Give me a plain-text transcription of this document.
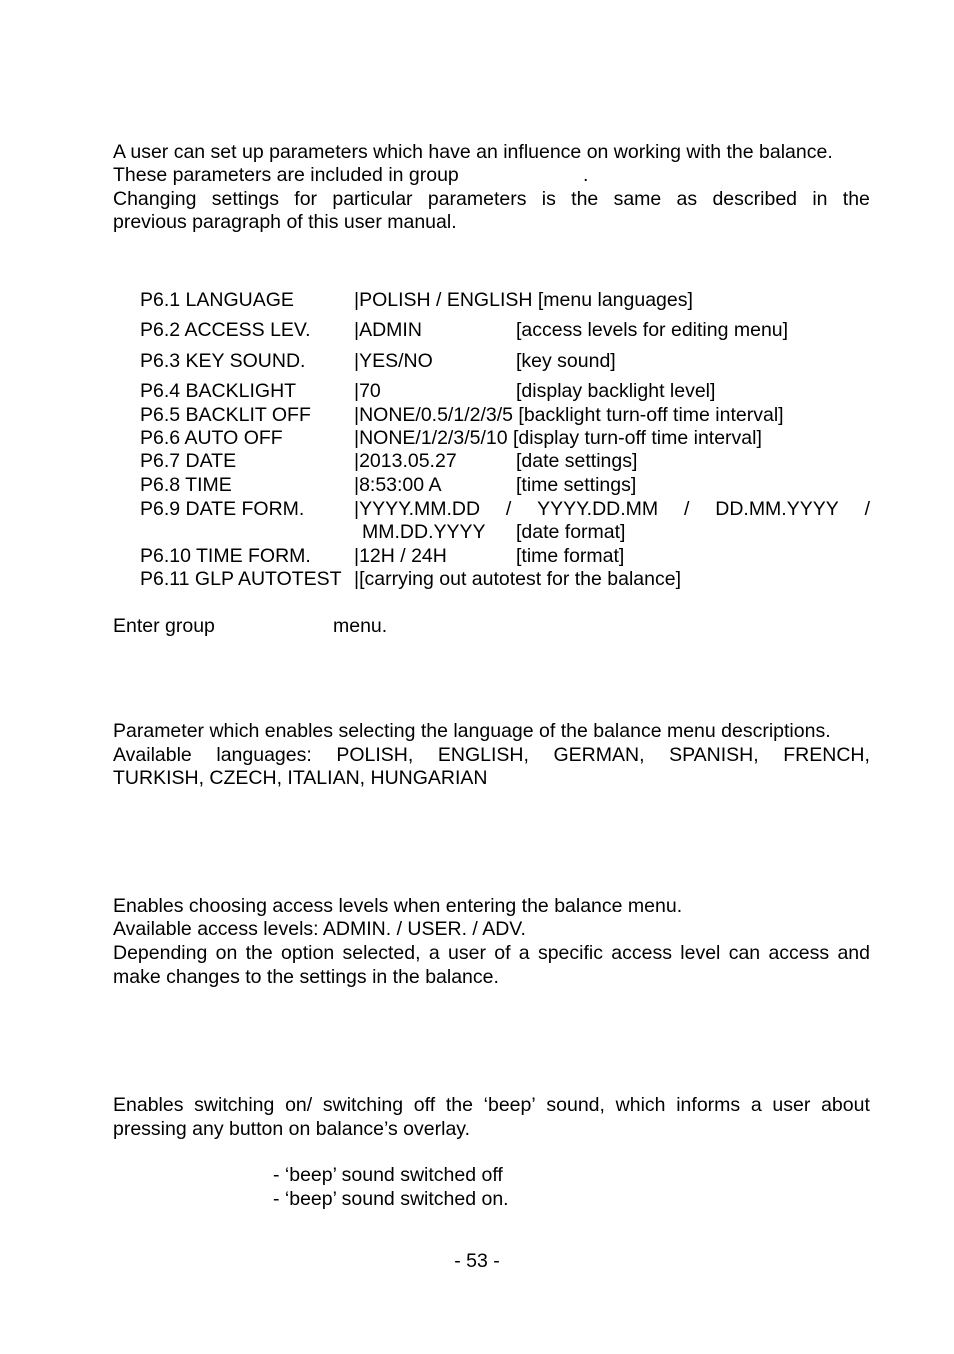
A user can set up parameters which have an influence on working with the balance.
These parameters are included in group	.
Changing settings for particular parameters is the same as described in the
previous paragraph of this user manual.
P6.1 LANGUAGE	|POLISH / ENGLISH [menu languages]
P6.2 ACCESS LEV. |ADMIN	[access levels for editing menu]
P6.3 KEY SOUND. |YES/NO	[key sound]
P6.4 BACKLIGHT	|70	[display backlight level]
P6.5 BACKLIT OFF |NONE/0.5/1/2/3/5 [backlight turn-off time interval]
P6.6 AUTO OFF	|NONE/1/2/3/5/10 [display turn-off time interval]
P6.7 DATE	|2013.05.27	[date settings]
P6.8 TIME	|8:53:00 A	[time settings]
P6.9 DATE FORM.	|YYYY.MM.DD / YYYY.DD.MM / DD.MM.YYYY /
MM.DD.YYYY [date format]
P6.10 TIME FORM. |12H / 24H	[time format]
P6.11 GLP AUTOTEST |[carrying out autotest for the balance]
Enter group	menu.
Parameter which enables selecting the language of the balance menu descriptions.
Available languages: POLISH, ENGLISH, GERMAN, SPANISH, FRENCH,
TURKISH, CZECH, ITALIAN, HUNGARIAN
Enables choosing access levels when entering the balance menu.
Available access levels: ADMIN. / USER. / ADV.
Depending on the option selected, a user of a specific access level can access and
make changes to the settings in the balance.
Enables switching on/ switching off the ‘beep’ sound, which informs a user about
pressing any button on balance’s overlay.
- ‘beep’ sound switched off
- ‘beep’ sound switched on.
- 53 -
